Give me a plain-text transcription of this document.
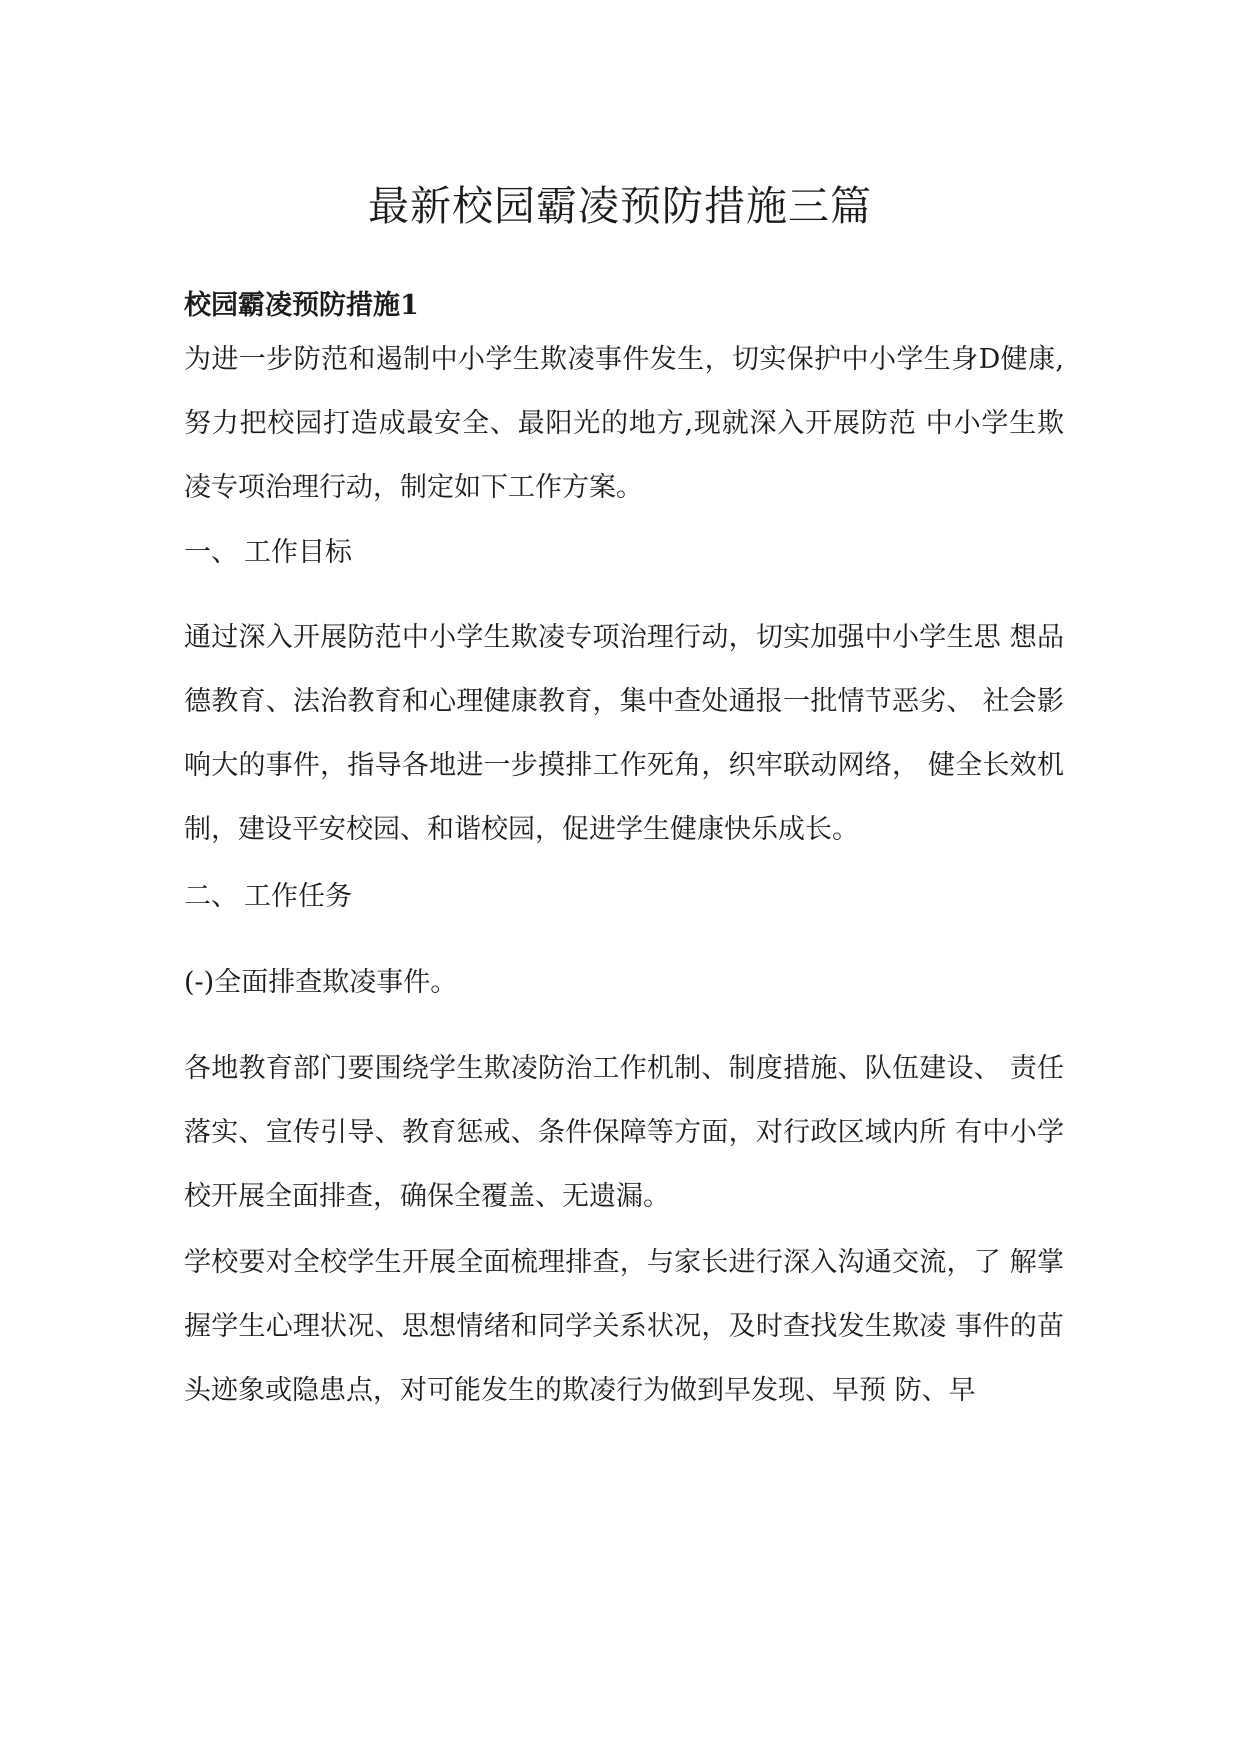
最新校园霸凌预防措施三篇
校园霸凌预防措施1

为进一步防范和遏制中小学生欺凌事件发生，切实保护中小学生身D健康,努力把校园打造成最安全、最阳光的地方,现就深入开展防范 中小学生欺凌专项治理行动，制定如下工作方案。

一、 工作目标

通过深入开展防范中小学生欺凌专项治理行动，切实加强中小学生思 想品德教育、法治教育和心理健康教育，集中查处通报一批情节恶劣、 社会影响大的事件，指导各地进一步摸排工作死角，织牢联动网络， 健全长效机制，建设平安校园、和谐校园，促进学生健康快乐成长。

二、 工作任务
(-)全面排查欺凌事件。

各地教育部门要围绕学生欺凌防治工作机制、制度措施、队伍建设、 责任落实、宣传引导、教育惩戒、条件保障等方面，对行政区域内所 有中小学校开展全面排查，确保全覆盖、无遗漏。

学校要对全校学生开展全面梳理排查，与家长进行深入沟通交流，了 解掌握学生心理状况、思想情绪和同学关系状况，及时查找发生欺凌 事件的苗头迹象或隐患点，对可能发生的欺凌行为做到早发现、早预 防、早
